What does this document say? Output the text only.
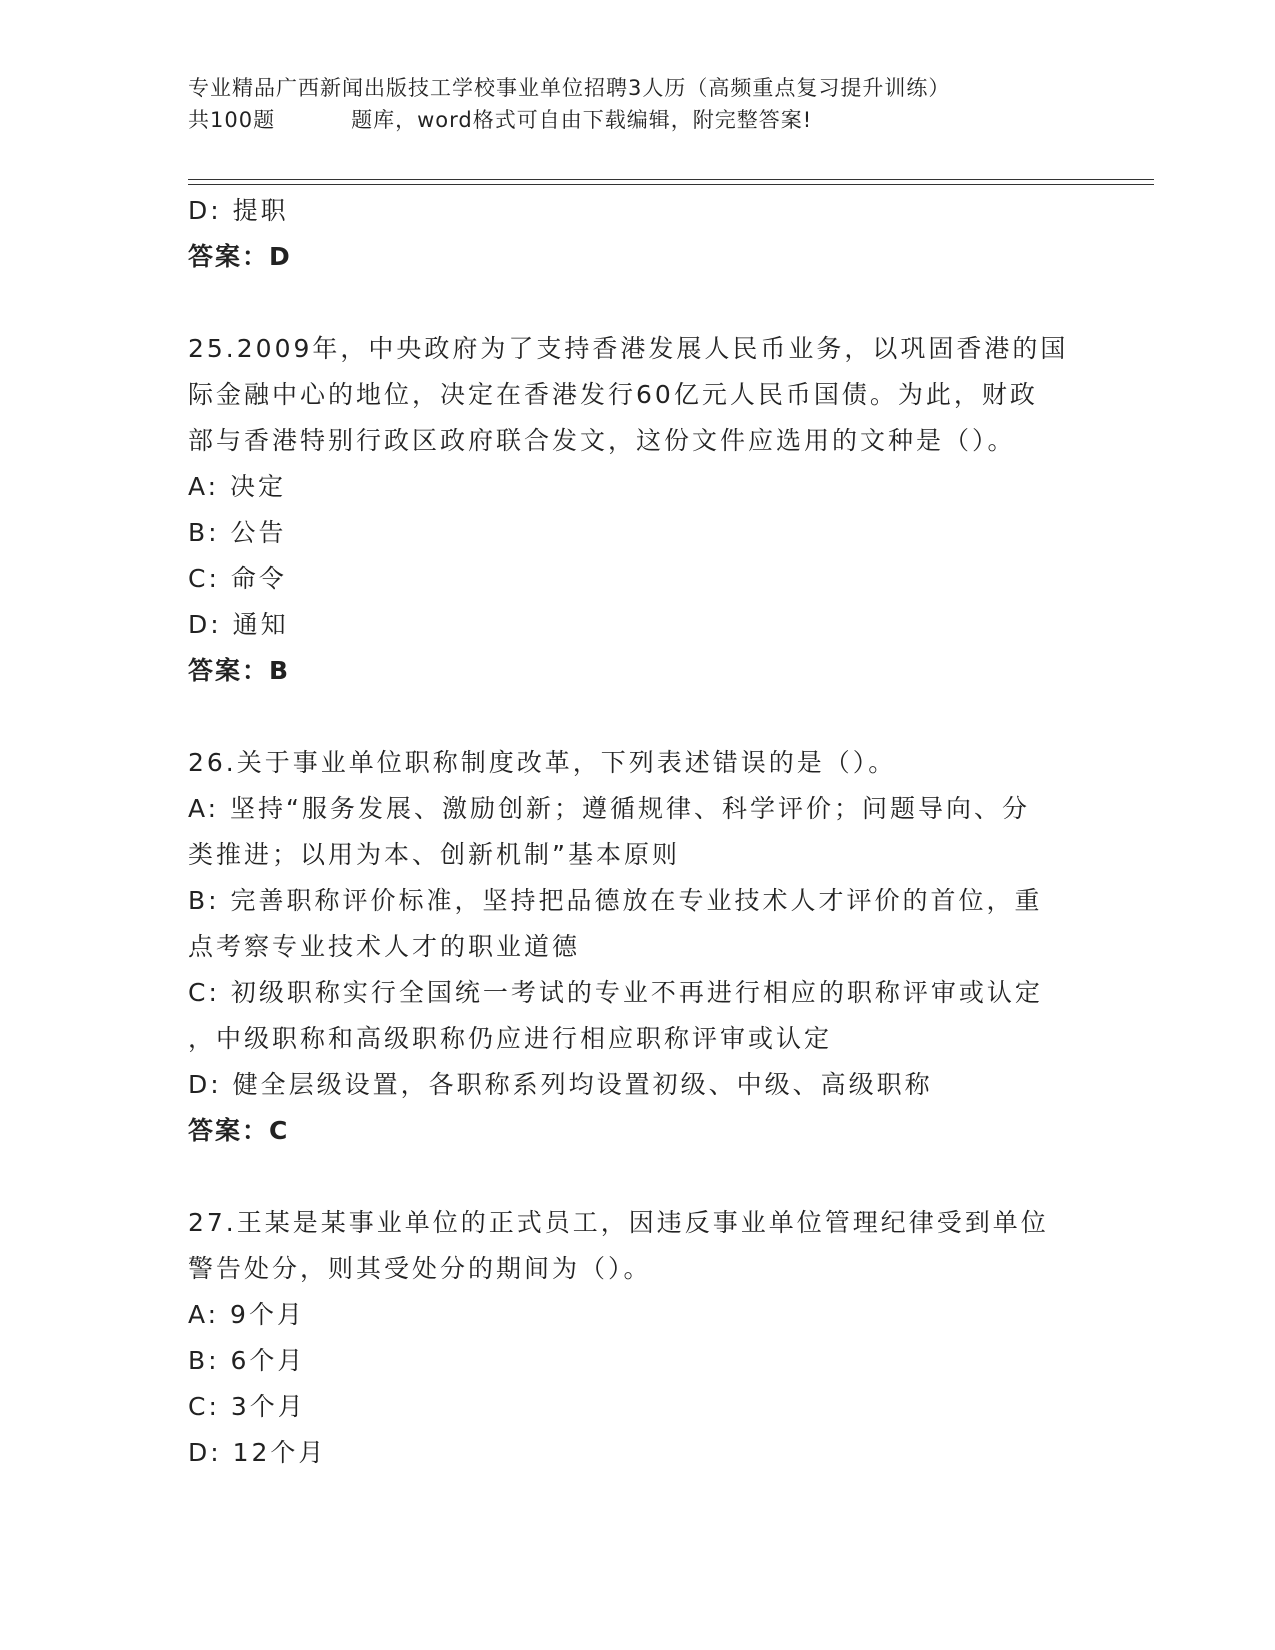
专业精品广西新闻出版技工学校事业单位招聘3人历（高频重点复习提升训练）
共100题	题库，word格式可自由下载编辑，附完整答案!
D: 提职
答案：D
25.2009年，中央政府为了支持香港发展人民币业务，以巩固香港的国
际金融中心的地位，决定在香港发行60亿元人民币国债。为此，财政
部与香港特别行政区政府联合发文，这份文件应选用的文种是（）。
A: 决定
B: 公告
C: 命令
D: 通知
答案：B
26.关于事业单位职称制度改革，下列表述错误的是（）。
A: 坚持“服务发展、激励创新；遵循规律、科学评价；问题导向、分
类推进；以用为本、创新机制”基本原则
B: 完善职称评价标准，坚持把品德放在专业技术人才评价的首位，重
点考察专业技术人才的职业道德
C: 初级职称实行全国统一考试的专业不再进行相应的职称评审或认定
，中级职称和高级职称仍应进行相应职称评审或认定
D: 健全层级设置，各职称系列均设置初级、中级、高级职称
答案：C
27.王某是某事业单位的正式员工，因违反事业单位管理纪律受到单位
警告处分，则其受处分的期间为（）。
A: 9个月
B: 6个月
C: 3个月
D: 12个月
